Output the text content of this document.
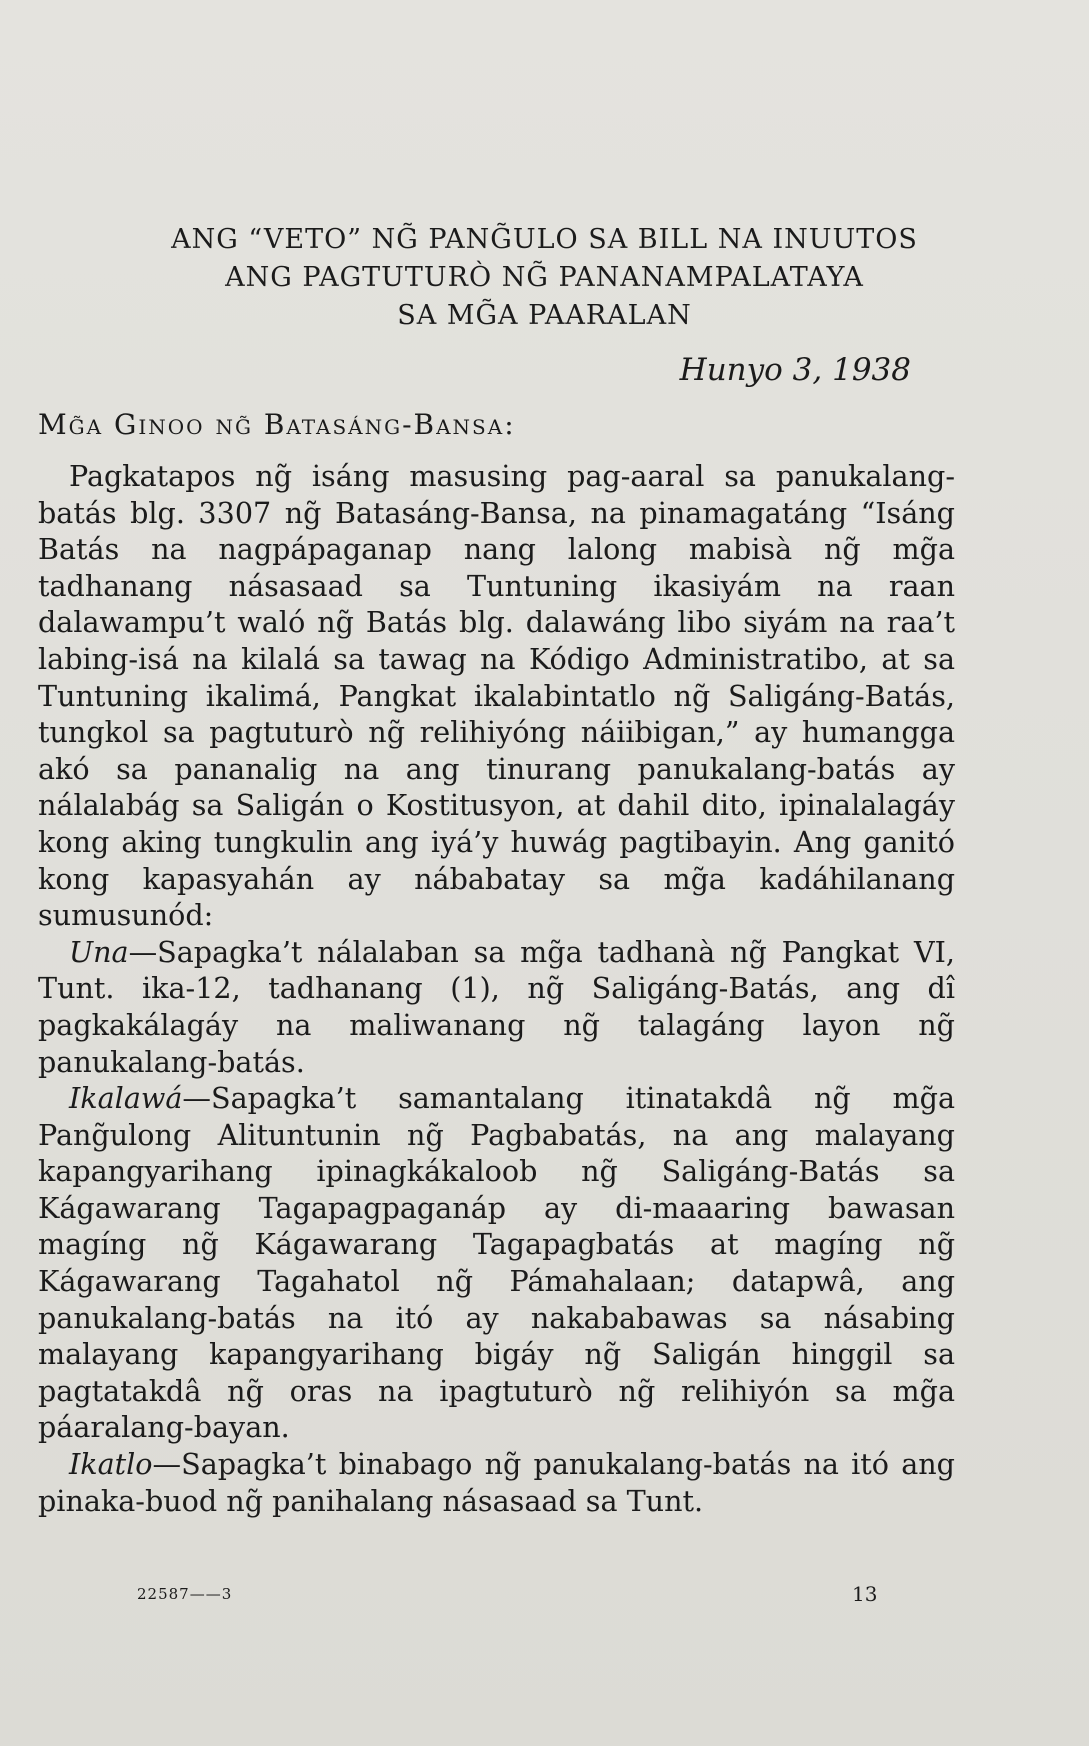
ANG “VETO” NG̃ PANG̃ULO SA BILL NA INUUTOS
ANG PAGTUTURÒ NG̃ PANANAMPALATAYA
SA MG̃A PAARALAN
Hunyo 3, 1938
Mg̃a Ginoo ng̃ Batasáng-Bansa:

Pagkatapos ng̃ isáng masusing pag-aaral sa panukalang-batás blg. 3307 ng̃ Batasáng-Bansa, na pinamagatáng “Isáng Batás na nagpápaganap nang lalong mabisà ng̃ mg̃a tadhanang násasaad sa Tuntuning ikasiyám na raan dalawampu’t waló ng̃ Batás blg. dalawáng libo siyám na raa’t labing-isá na kilalá sa tawag na Kódigo Administratibo, at sa Tuntuning ikalimá, Pangkat ikalabintatlo ng̃ Saligáng-Batás, tungkol sa pagtuturò ng̃ relihiyóng náiibigan,” ay humangga akó sa pananalig na ang tinurang panukalang-batás ay nálalabág sa Saligán o Kostitusyon, at dahil dito, ipinalalagáy kong aking tungkulin ang iyá’y huwág pagtibayin. Ang ganitó kong kapasyahán ay nábabatay sa mg̃a kadáhilanang sumusunód:

Una—Sapagka’t nálalaban sa mg̃a tadhanà ng̃ Pangkat VI, Tunt. ika-12, tadhanang (1), ng̃ Saligáng-Batás, ang dî pagkakálagáy na maliwanang ng̃ talagáng layon ng̃ panukalang-batás.

Ikalawá—Sapagka’t samantalang itinatakdâ ng̃ mg̃a Pang̃ulong Alituntunin ng̃ Pagbabatás, na ang malayang kapangyarihang ipinagkákaloob ng̃ Saligáng-Batás sa Kágawarang Tagapagpaganáp ay di-maaaring bawasan magíng ng̃ Kágawarang Tagapagbatás at magíng ng̃ Kágawarang Tagahatol ng̃ Pámahalaan; datapwâ, ang panukalang-batás na itó ay nakababawas sa násabing malayang kapangyarihang bigáy ng̃ Saligán hinggil sa pagtatakdâ ng̃ oras na ipagtuturò ng̃ relihiyón sa mg̃a páaralang-bayan.

Ikatlo—Sapagka’t binabago ng̃ panukalang-batás na itó ang pinaka-buod ng̃ panihalang násasaad sa Tunt.

22587——3	13
